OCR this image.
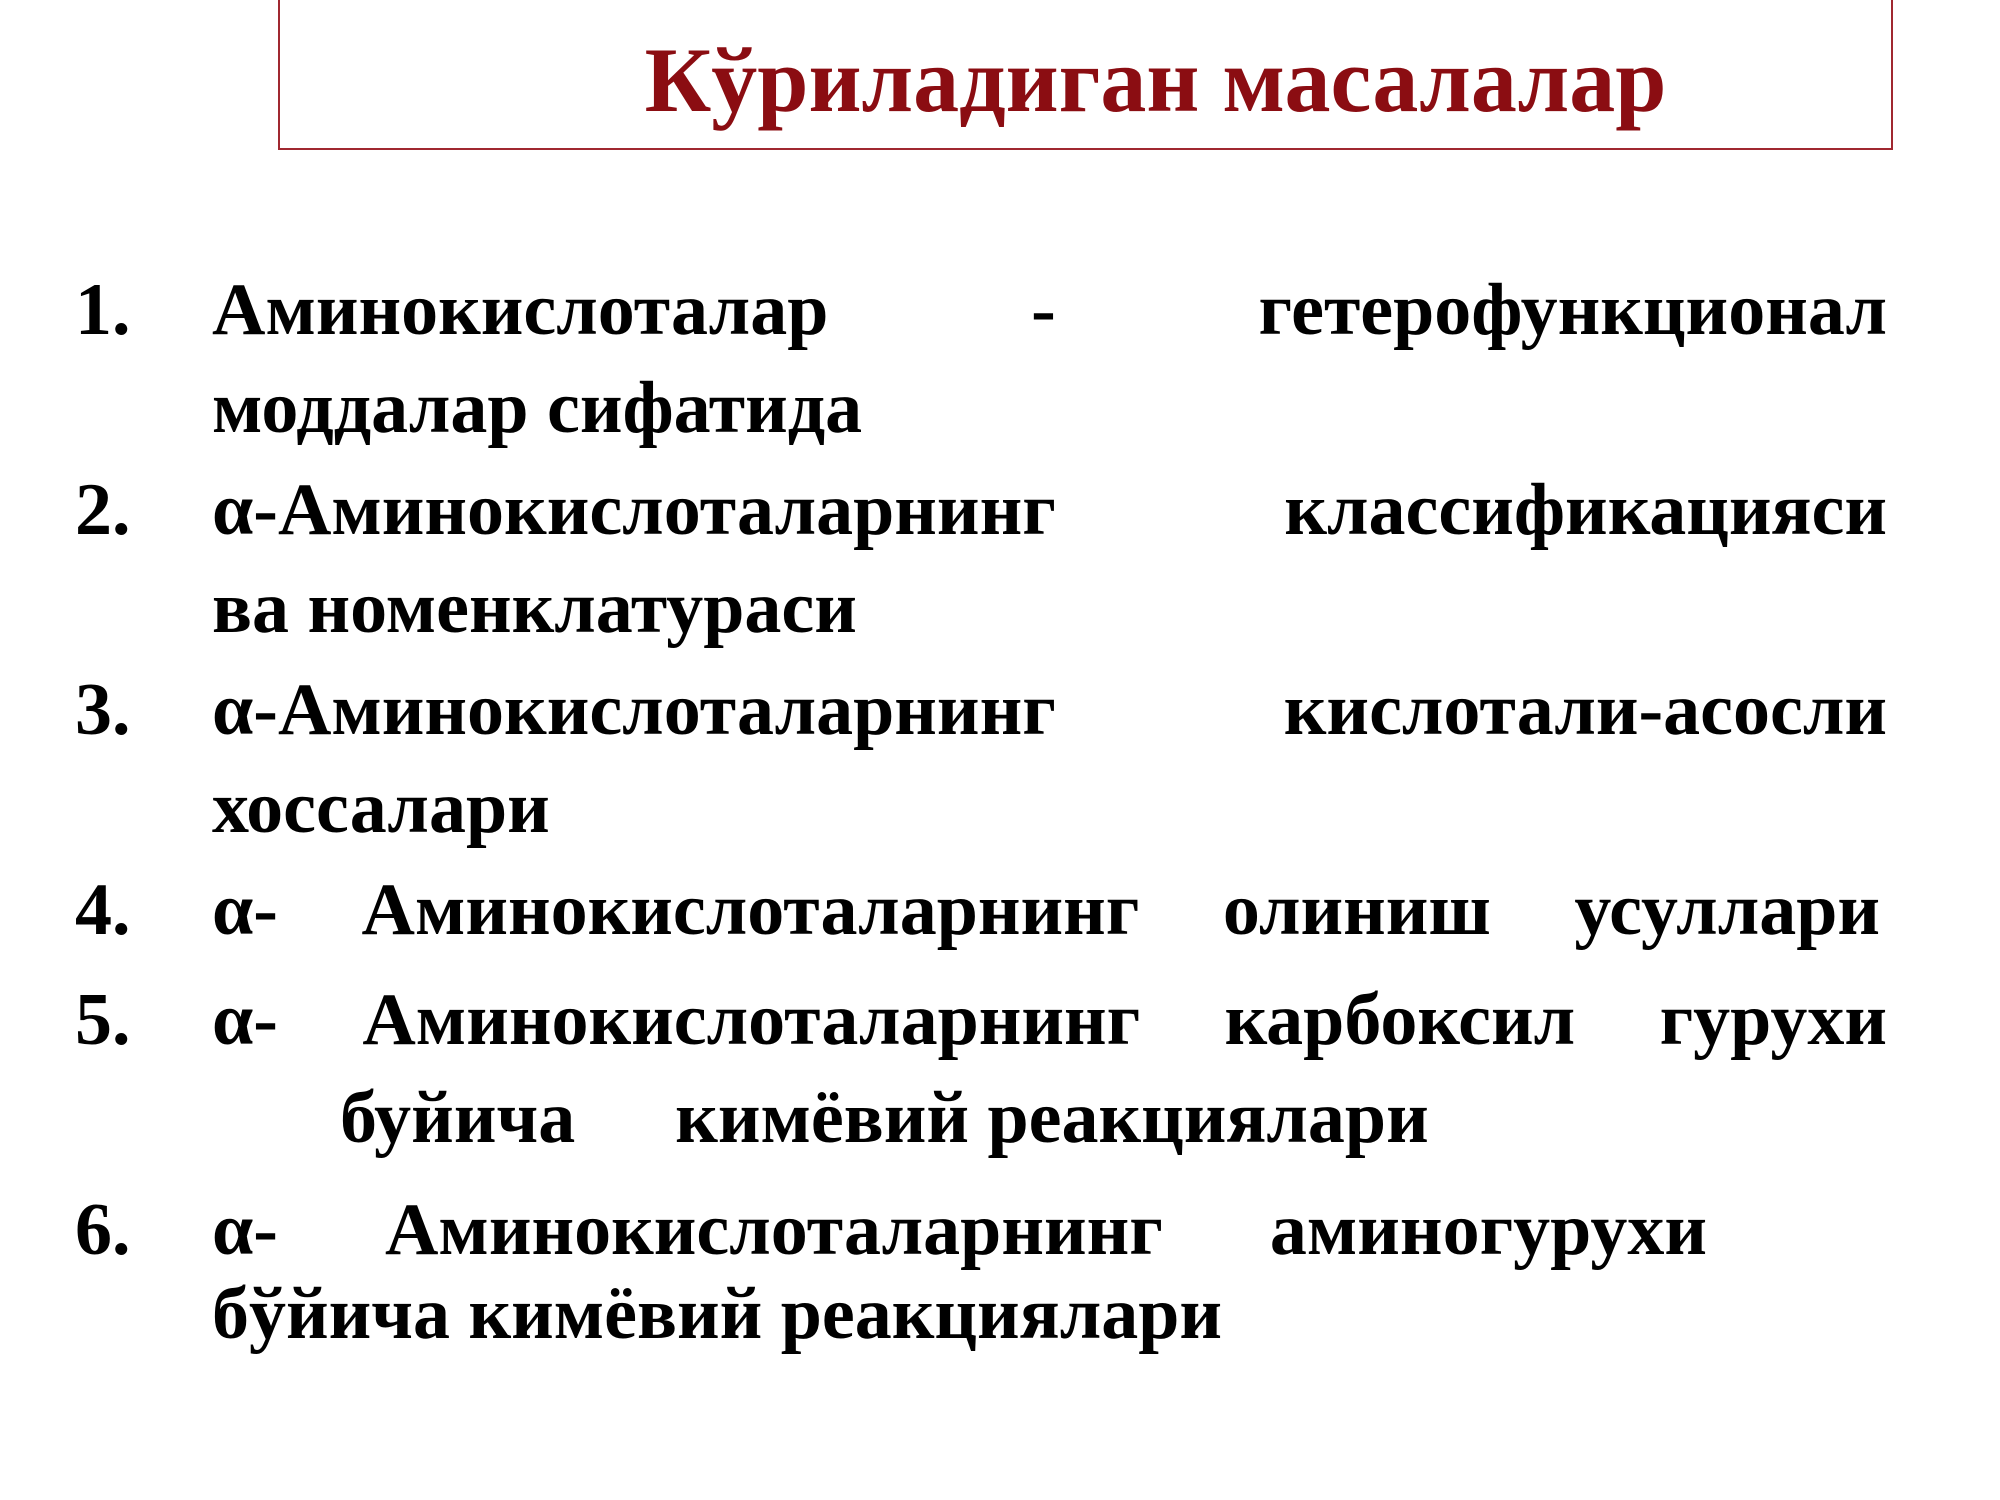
Кўриладиган масалалар
1. Аминокислоталар - гетерофункционал
моддалар сифатида
2. α-Аминокислоталарнинг классификацияси
ва номенклатураси
3. α-Аминокислоталарнинг кислотали-асосли
хоссалари
4. α- Аминокислоталарнинг олиниш усуллари
5. α- Аминокислоталарнинг карбоксил гурухи
буйича кимёвий реакциялари
6. α- Аминокислоталарнинг аминогурухи
бўйича кимёвий реакциялари
